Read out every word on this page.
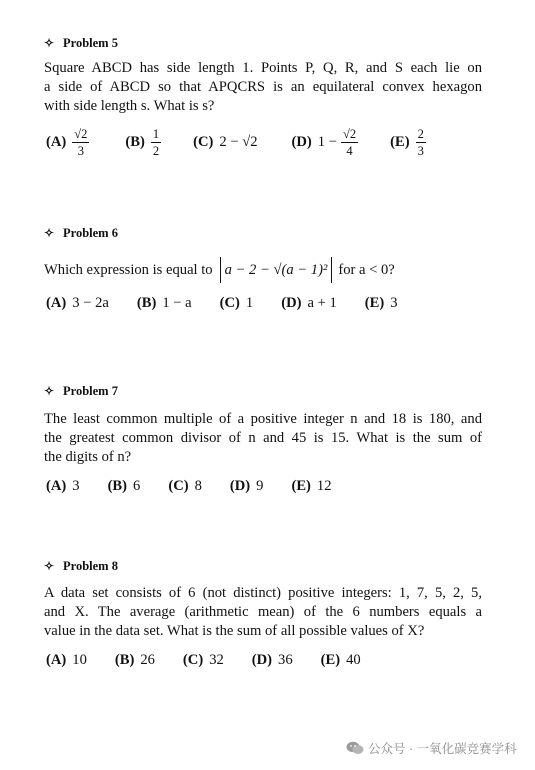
✧ Problem 5
Square ABCD has side length 1. Points P, Q, R, and S each lie on
a side of ABCD so that APQCRS is an equilateral convex hexagon
with side length s. What is s?
$(A) \frac{√2}{3} (B) \frac{1}{2} (C) 2 - √2$ (D) $1 - \frac{√2}{4} (E) \frac{2}{3}$
✧ Problem 6
Which expression is equal to a − 2 − √(a − 1)² for a < 0?
(A) 3 − 2a (B) 1 − a (C) 1 (D) a + 1 (E) 3
✧ Problem 7
The least common multiple of a positive integer n and 18 is 180, and
the greatest common divisor of n and 45 is 15. What is the sum of
the digits of n?
(A) 3 (B) 6 (C) 8 (D) 9 (E) 12
✧ Problem 8
A data set consists of 6 (not distinct) positive integers: 1, 7, 5, 2, 5,
and X. The average (arithmetic mean) of the 6 numbers equals a
value in the data set. What is the sum of all possible values of X?
(A) 10 (B) 26 (C) 32 (D) 36 (E) 40
公众号 · 一氧化碳竞赛学科
